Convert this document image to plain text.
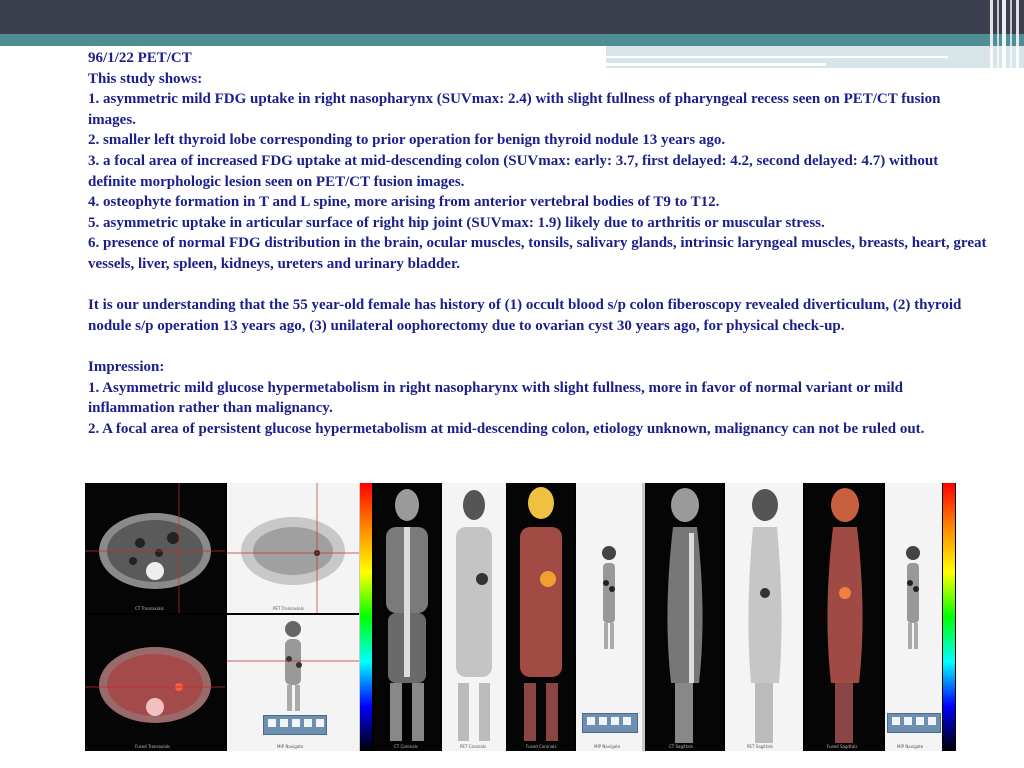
96/1/22 PET/CT

This study shows:

1. asymmetric mild FDG uptake in right nasopharynx (SUVmax: 2.4) with slight fullness of pharyngeal recess seen on PET/CT fusion images.

2. smaller left thyroid lobe corresponding to prior operation for benign thyroid nodule 13 years ago.

3. a focal area of increased FDG uptake at mid-descending colon (SUVmax: early: 3.7, first delayed: 4.2, second delayed: 4.7) without definite morphologic lesion seen on PET/CT fusion images.

4. osteophyte formation in T and L spine, more arising from anterior vertebral bodies of T9 to T12.

5. asymmetric uptake in articular surface of right hip joint (SUVmax: 1.9) likely due to arthritis or muscular stress.

6. presence of normal FDG distribution in the brain, ocular muscles, tonsils, salivary glands, intrinsic laryngeal muscles, breasts, heart, great vessels, liver, spleen, kidneys, ureters and urinary bladder.

It is our understanding that the 55 year-old female has history of (1) occult blood s/p colon fiberoscopy revealed diverticulum, (2) thyroid nodule s/p operation 13 years ago, (3) unilateral oophorectomy due to ovarian cyst 30 years ago, for physical check-up.

Impression:

1. Asymmetric mild glucose hypermetabolism in right nasopharynx with slight fullness, more in favor of normal variant or mild inflammation rather than malignancy.

2. A focal area of persistent glucose hypermetabolism at mid-descending colon, etiology unknown, malignancy can not be ruled out.

CT Transaxials	PET Transaxials
Fused Transaxials	MIP Navigate	CT Coronals	PET Coronals	Fused Coronals	MIP Navigate	CT Sagittals	PET Sagittals	Fused Sagittals	MIP Navigate
